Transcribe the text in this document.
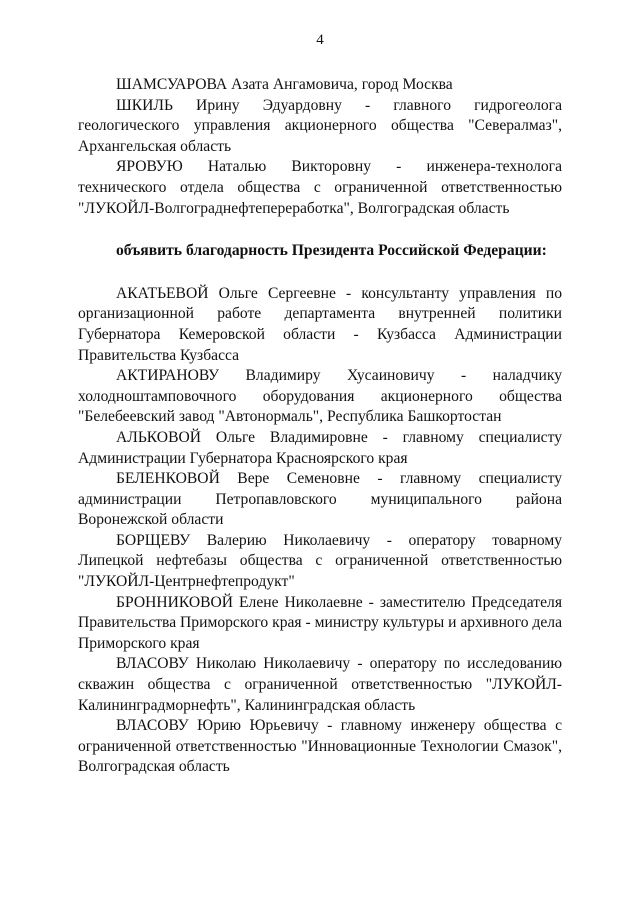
4

ШАМСУАРОВА Азата Ангамовича, город Москва

ШКИЛЬ Ирину Эдуардовну - главного гидрогеолога геологического управления акционерного общества "Севералмаз", Архангельская область

ЯРОВУЮ Наталью Викторовну - инженера-технолога технического отдела общества с ограниченной ответственностью "ЛУКОЙЛ-Волгограднефтепереработка", Волгоградская область

объявить благодарность Президента Российской Федерации:

АКАТЬЕВОЙ Ольге Сергеевне - консультанту управления по организационной работе департамента внутренней политики Губернатора Кемеровской области - Кузбасса Администрации Правительства Кузбасса

АКТИРАНОВУ Владимиру Хусаиновичу - наладчику холодноштамповочного оборудования акционерного общества "Белебеевский завод "Автонормаль", Республика Башкортостан

АЛЬКОВОЙ Ольге Владимировне - главному специалисту Администрации Губернатора Красноярского края

БЕЛЕНКОВОЙ Вере Семеновне - главному специалисту администрации Петропавловского муниципального района Воронежской области

БОРЩЕВУ Валерию Николаевичу - оператору товарному Липецкой нефтебазы общества с ограниченной ответственностью "ЛУКОЙЛ-Центрнефтепродукт"

БРОННИКОВОЙ Елене Николаевне - заместителю Председателя Правительства Приморского края - министру культуры и архивного дела Приморского края

ВЛАСОВУ Николаю Николаевичу - оператору по исследованию скважин общества с ограниченной ответственностью "ЛУКОЙЛ-Калининградморнефть", Калининградская область

ВЛАСОВУ Юрию Юрьевичу - главному инженеру общества с ограниченной ответственностью "Инновационные Технологии Смазок", Волгоградская область
